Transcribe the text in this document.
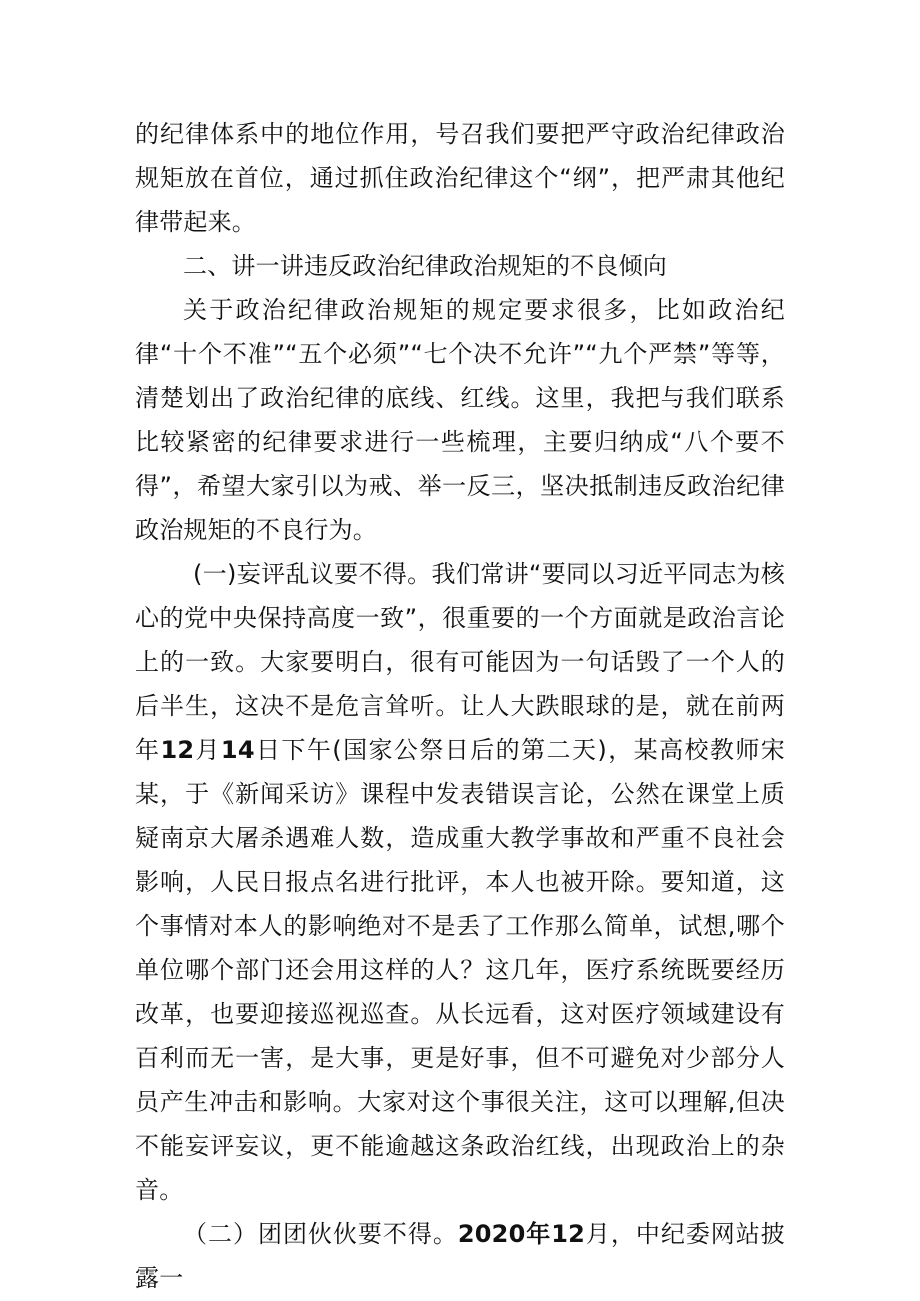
的纪律体系中的地位作用，号召我们要把严守政治纪律政治规矩放在首位，通过抓住政治纪律这个“纲”，把严肃其他纪律带起来。

二、讲一讲违反政治纪律政治规矩的不良倾向

关于政治纪律政治规矩的规定要求很多，比如政治纪律“十个不准”“五个必须”“七个决不允许”“九个严禁”等等，清楚划出了政治纪律的底线、红线。这里，我把与我们联系比较紧密的纪律要求进行一些梳理，主要归纳成“八个要不得”，希望大家引以为戒、举一反三，坚决抵制违反政治纪律政治规矩的不良行为。

(一)妄评乱议要不得。我们常讲“要同以习近平同志为核心的党中央保持高度一致”，很重要的一个方面就是政治言论上的一致。大家要明白，很有可能因为一句话毁了一个人的后半生，这决不是危言耸听。让人大跌眼球的是，就在前两年12月14日下午(国家公祭日后的第二天)，某高校教师宋某，于《新闻采访》课程中发表错误言论，公然在课堂上质疑南京大屠杀遇难人数，造成重大教学事故和严重不良社会影响，人民日报点名进行批评，本人也被开除。要知道，这个事情对本人的影响绝对不是丢了工作那么简单，试想,哪个单位哪个部门还会用这样的人？这几年，医疗系统既要经历改革，也要迎接巡视巡查。从长远看，这对医疗领域建设有百利而无一害，是大事，更是好事，但不可避免对少部分人员产生冲击和影响。大家对这个事很关注，这可以理解,但决不能妄评妄议，更不能逾越这条政治红线，出现政治上的杂音。

（二）团团伙伙要不得。2020年12月，中纪委网站披露一
